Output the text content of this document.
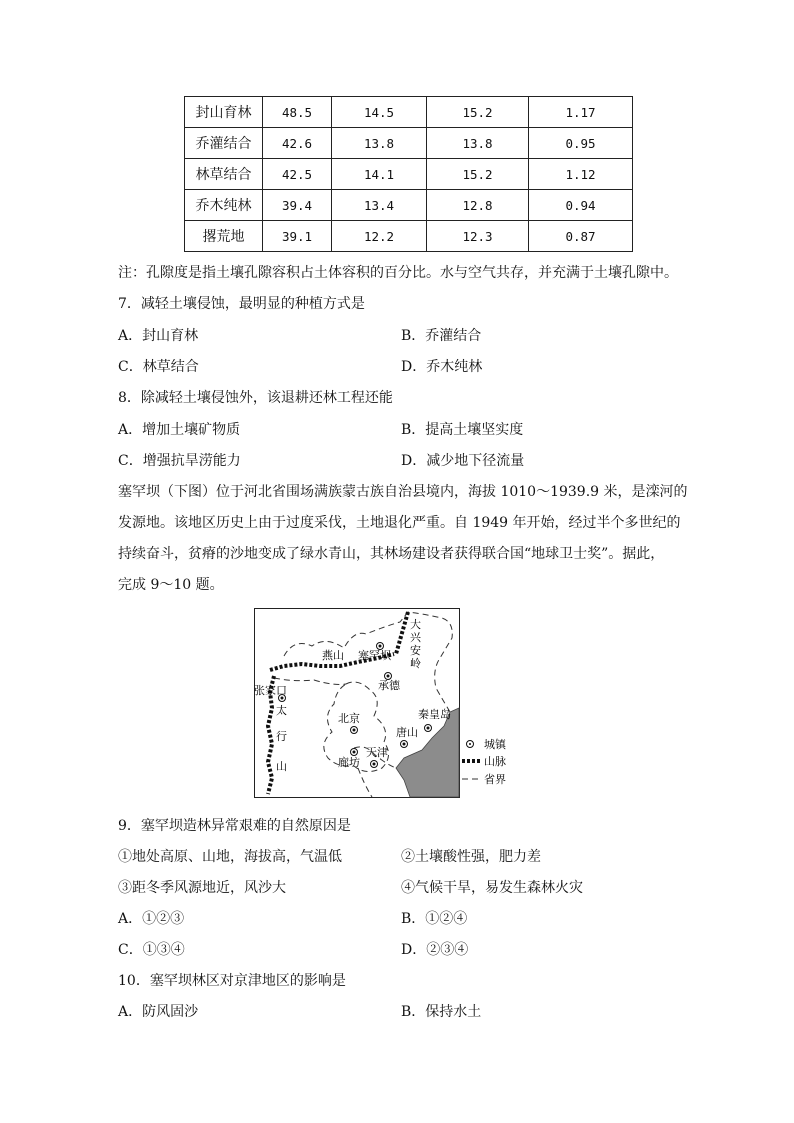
封山育林	48.5	14.5	15.2	1.17
乔灌结合	42.6	13.8	13.8	0.95
林草结合	42.5	14.1	15.2	1.12
乔木纯林	39.4	13.4	12.8	0.94
撂荒地	39.1	12.2	12.3	0.87
注：孔隙度是指土壤孔隙容积占土体容积的百分比。水与空气共存，并充满于土壤孔隙中。
7．减轻土壤侵蚀，最明显的种植方式是
A．封山育林	B．乔灌结合
C．林草结合	D．乔木纯林
8．除减轻土壤侵蚀外，该退耕还林工程还能
A．增加土壤矿物质	B．提高土壤坚实度
C．增强抗旱涝能力	D．减少地下径流量
塞罕坝（下图）位于河北省围场满族蒙古族自治县境内，海拔 1010～1939.9 米，是滦河的
发源地。该地区历史上由于过度采伐，土地退化严重。自 1949 年开始，经过半个多世纪的
持续奋斗，贫瘠的沙地变成了绿水青山，其林场建设者获得联合国“地球卫士奖”。据此，
完成 9～10 题。
塞罕坝
燕山
大
兴
安
岭
张家口	承德
北京	秦皇岛
唐山
天津
廊坊
太
行
山
城镇
山脉
省界
9．塞罕坝造林异常艰难的自然原因是
①地处高原、山地，海拔高，气温低	②土壤酸性强，肥力差
③距冬季风源地近，风沙大	④气候干旱，易发生森林火灾
A．①②③	B．①②④
C．①③④	D．②③④
10．塞罕坝林区对京津地区的影响是
A．防风固沙	B．保持水土
